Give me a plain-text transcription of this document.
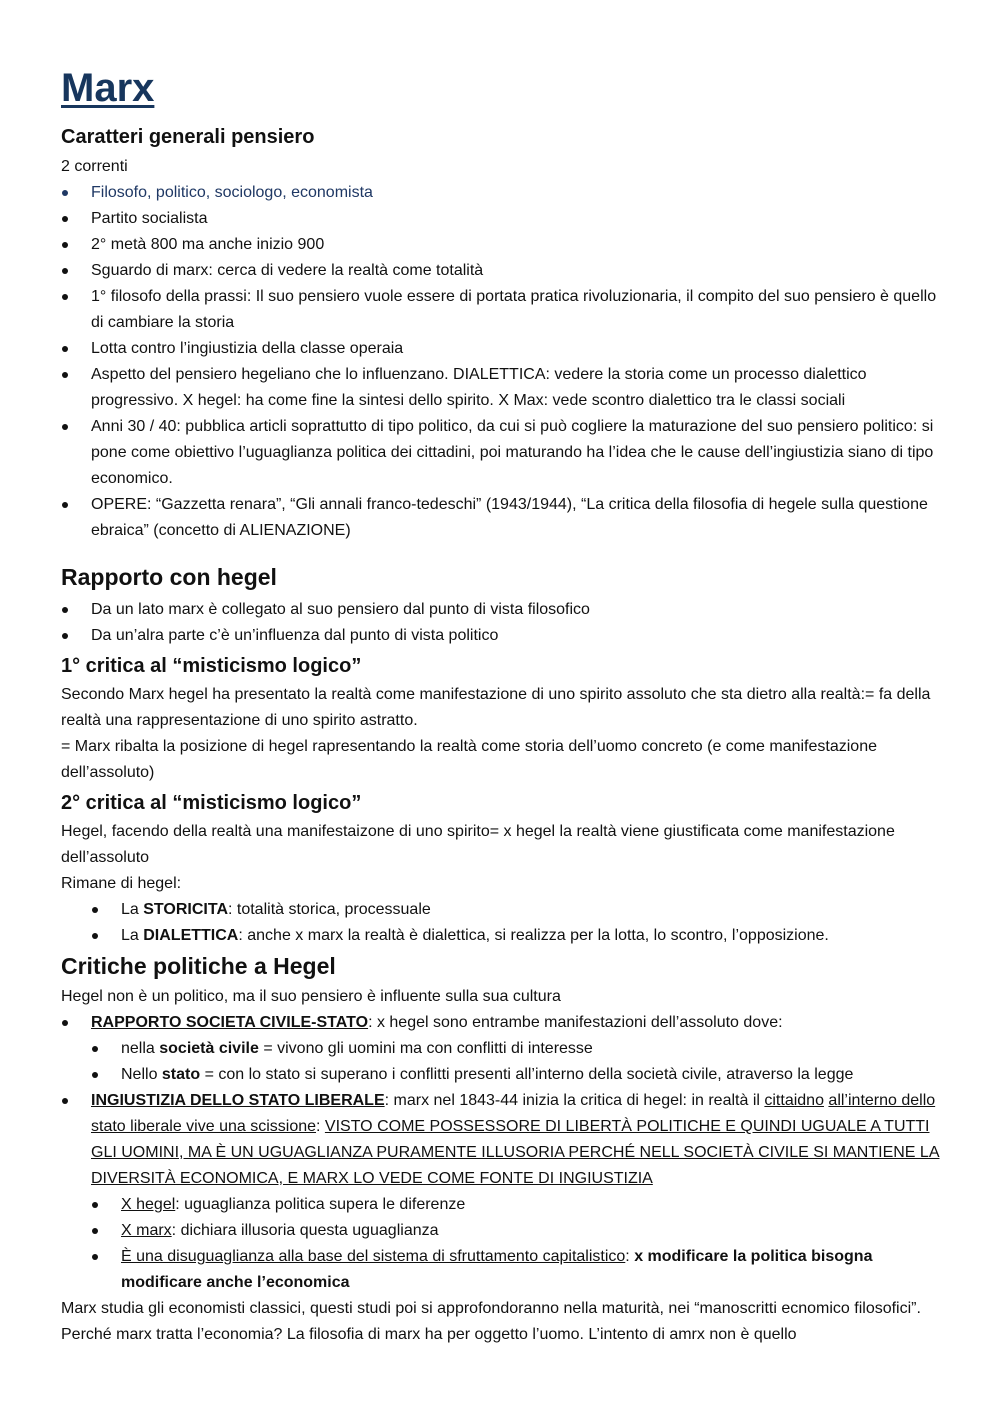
Marx
Caratteri generali pensiero

2 correnti

Filosofo, politico, sociologo, economista
Partito socialista
2° metà 800 ma anche inizio 900
Sguardo di marx: cerca di vedere la realtà come totalità
1° filosofo della prassi: Il suo pensiero vuole essere di portata pratica rivoluzionaria, il compito del suo pensiero è quello di cambiare la storia
Lotta contro l’ingiustizia della classe operaia
Aspetto del pensiero hegeliano che lo influenzano. DIALETTICA: vedere la storia come un processo dialettico progressivo. X hegel: ha come fine la sintesi dello spirito. X Max: vede scontro dialettico tra le classi sociali
Anni 30 / 40: pubblica articli soprattutto di tipo politico, da cui si può cogliere la maturazione del suo pensiero politico: si pone come obiettivo l’uguaglianza politica dei cittadini, poi maturando ha l’idea che le cause dell’ingiustizia siano di tipo economico.
OPERE: “Gazzetta renara”, “Gli annali franco-tedeschi” (1943/1944), “La critica della filosofia di hegele sulla questione ebraica” (concetto di ALIENAZIONE)
Rapporto con hegel
Da un lato marx è collegato al suo pensiero dal punto di vista filosofico
Da un’alra parte c’è un’influenza dal punto di vista politico
1° critica al “misticismo logico”

Secondo Marx hegel ha presentato la realtà come manifestazione di uno spirito assoluto che sta dietro alla realtà:= fa della realtà una rappresentazione di uno spirito astratto.

= Marx ribalta la posizione di hegel rapresentando la realtà come storia dell’uomo concreto (e come manifestazione dell’assoluto)

2° critica al “misticismo logico”

Hegel, facendo della realtà una manifestaizone di uno spirito= x hegel la realtà viene giustificata come manifestazione dell’assoluto

Rimane di hegel:

La STORICITA: totalità storica, processuale
La DIALETTICA: anche x marx la realtà è dialettica, si realizza per la lotta, lo scontro, l’opposizione.
Critiche politiche a Hegel

Hegel non è un politico, ma il suo pensiero è influente sulla sua cultura

RAPPORTO SOCIETA CIVILE-STATO: x hegel sono entrambe manifestazioni dell’assoluto dove:
nella società civile = vivono gli uomini ma con conflitti di interesse
Nello stato = con lo stato si superano i conflitti presenti all’interno della società civile, atraverso la legge
INGIUSTIZIA DELLO STATO LIBERALE: marx nel 1843-44 inizia la critica di hegel: in realtà il cittaidno all’interno dello stato liberale vive una scissione: VISTO COME POSSESSORE DI LIBERTÀ POLITICHE E QUINDI UGUALE A TUTTI GLI UOMINI, MA È UN UGUAGLIANZA PURAMENTE ILLUSORIA PERCHÉ NELL SOCIETÀ CIVILE SI MANTIENE LA DIVERSITÀ ECONOMICA, E MARX LO VEDE COME FONTE DI INGIUSTIZIA
X hegel: uguaglianza politica supera le diferenze
X marx: dichiara illusoria questa uguaglianza
È una disuguaglianza alla base del sistema di sfruttamento capitalistico: x modificare la politica bisogna modificare anche l’economica

Marx studia gli economisti classici, questi studi poi si approfondoranno nella maturità, nei “manoscritti ecnomico filosofici”. Perché marx tratta l’economia? La filosofia di marx ha per oggetto l’uomo. L’intento di amrx non è quello
